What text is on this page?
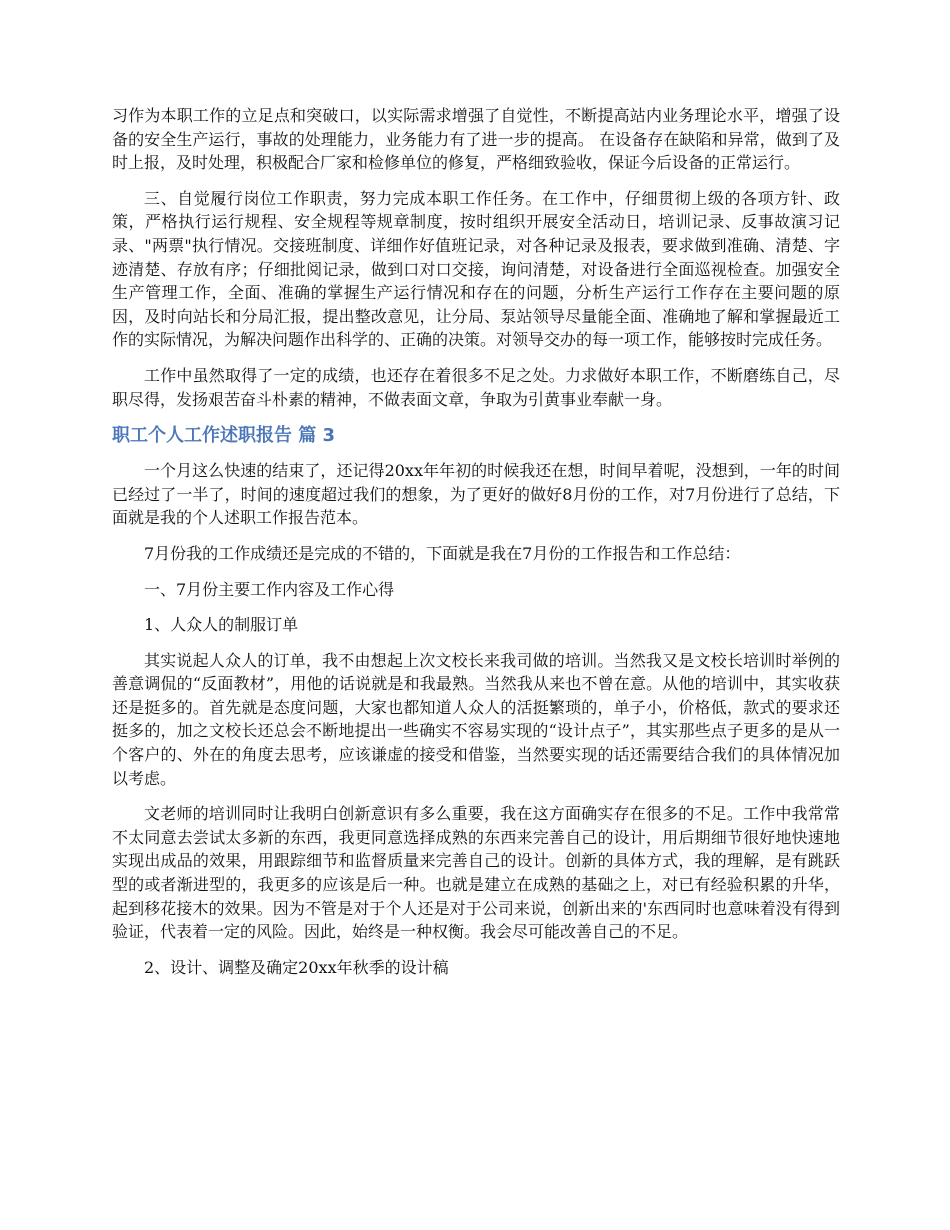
习作为本职工作的立足点和突破口，以实际需求增强了自觉性，不断提高站内业务理论水平，增强了设备的安全生产运行，事故的处理能力，业务能力有了进一步的提高。 在设备存在缺陷和异常，做到了及时上报，及时处理，积极配合厂家和检修单位的修复，严格细致验收，保证今后设备的正常运行。

三、自觉履行岗位工作职责，努力完成本职工作任务。在工作中，仔细贯彻上级的各项方针、政策，严格执行运行规程、安全规程等规章制度，按时组织开展安全活动日，培训记录、反事故演习记录、"两票"执行情况。交接班制度、详细作好值班记录，对各种记录及报表，要求做到准确、清楚、字迹清楚、存放有序；仔细批阅记录，做到口对口交接，询问清楚，对设备进行全面巡视检查。加强安全生产管理工作，全面、准确的掌握生产运行情况和存在的问题，分析生产运行工作存在主要问题的原因，及时向站长和分局汇报，提出整改意见，让分局、泵站领导尽量能全面、准确地了解和掌握最近工作的实际情况，为解决问题作出科学的、正确的决策。对领导交办的每一项工作，能够按时完成任务。

工作中虽然取得了一定的成绩，也还存在着很多不足之处。力求做好本职工作，不断磨练自己，尽职尽得，发扬艰苦奋斗朴素的精神，不做表面文章，争取为引黄事业奉献一身。

职工个人工作述职报告 篇 3

一个月这么快速的结束了，还记得20xx年年初的时候我还在想，时间早着呢，没想到，一年的时间已经过了一半了，时间的速度超过我们的想象，为了更好的做好8月份的工作，对7月份进行了总结，下面就是我的个人述职工作报告范本。

7月份我的工作成绩还是完成的不错的，下面就是我在7月份的工作报告和工作总结：

一、7月份主要工作内容及工作心得

1、人众人的制服订单

其实说起人众人的订单，我不由想起上次文校长来我司做的培训。当然我又是文校长培训时举例的善意调侃的“反面教材”，用他的话说就是和我最熟。当然我从来也不曾在意。从他的培训中，其实收获还是挺多的。首先就是态度问题，大家也都知道人众人的活挺繁琐的，单子小，价格低，款式的要求还挺多的，加之文校长还总会不断地提出一些确实不容易实现的“设计点子”，其实那些点子更多的是从一个客户的、外在的角度去思考，应该谦虚的接受和借鉴，当然要实现的话还需要结合我们的具体情况加以考虑。

文老师的培训同时让我明白创新意识有多么重要，我在这方面确实存在很多的不足。工作中我常常不太同意去尝试太多新的东西，我更同意选择成熟的东西来完善自己的设计，用后期细节很好地快速地实现出成品的效果，用跟踪细节和监督质量来完善自己的设计。创新的具体方式，我的理解，是有跳跃型的或者渐进型的，我更多的应该是后一种。也就是建立在成熟的基础之上，对已有经验积累的升华，起到移花接木的效果。因为不管是对于个人还是对于公司来说，创新出来的'东西同时也意味着没有得到验证，代表着一定的风险。因此，始终是一种权衡。我会尽可能改善自己的不足。

2、设计、调整及确定20xx年秋季的设计稿
